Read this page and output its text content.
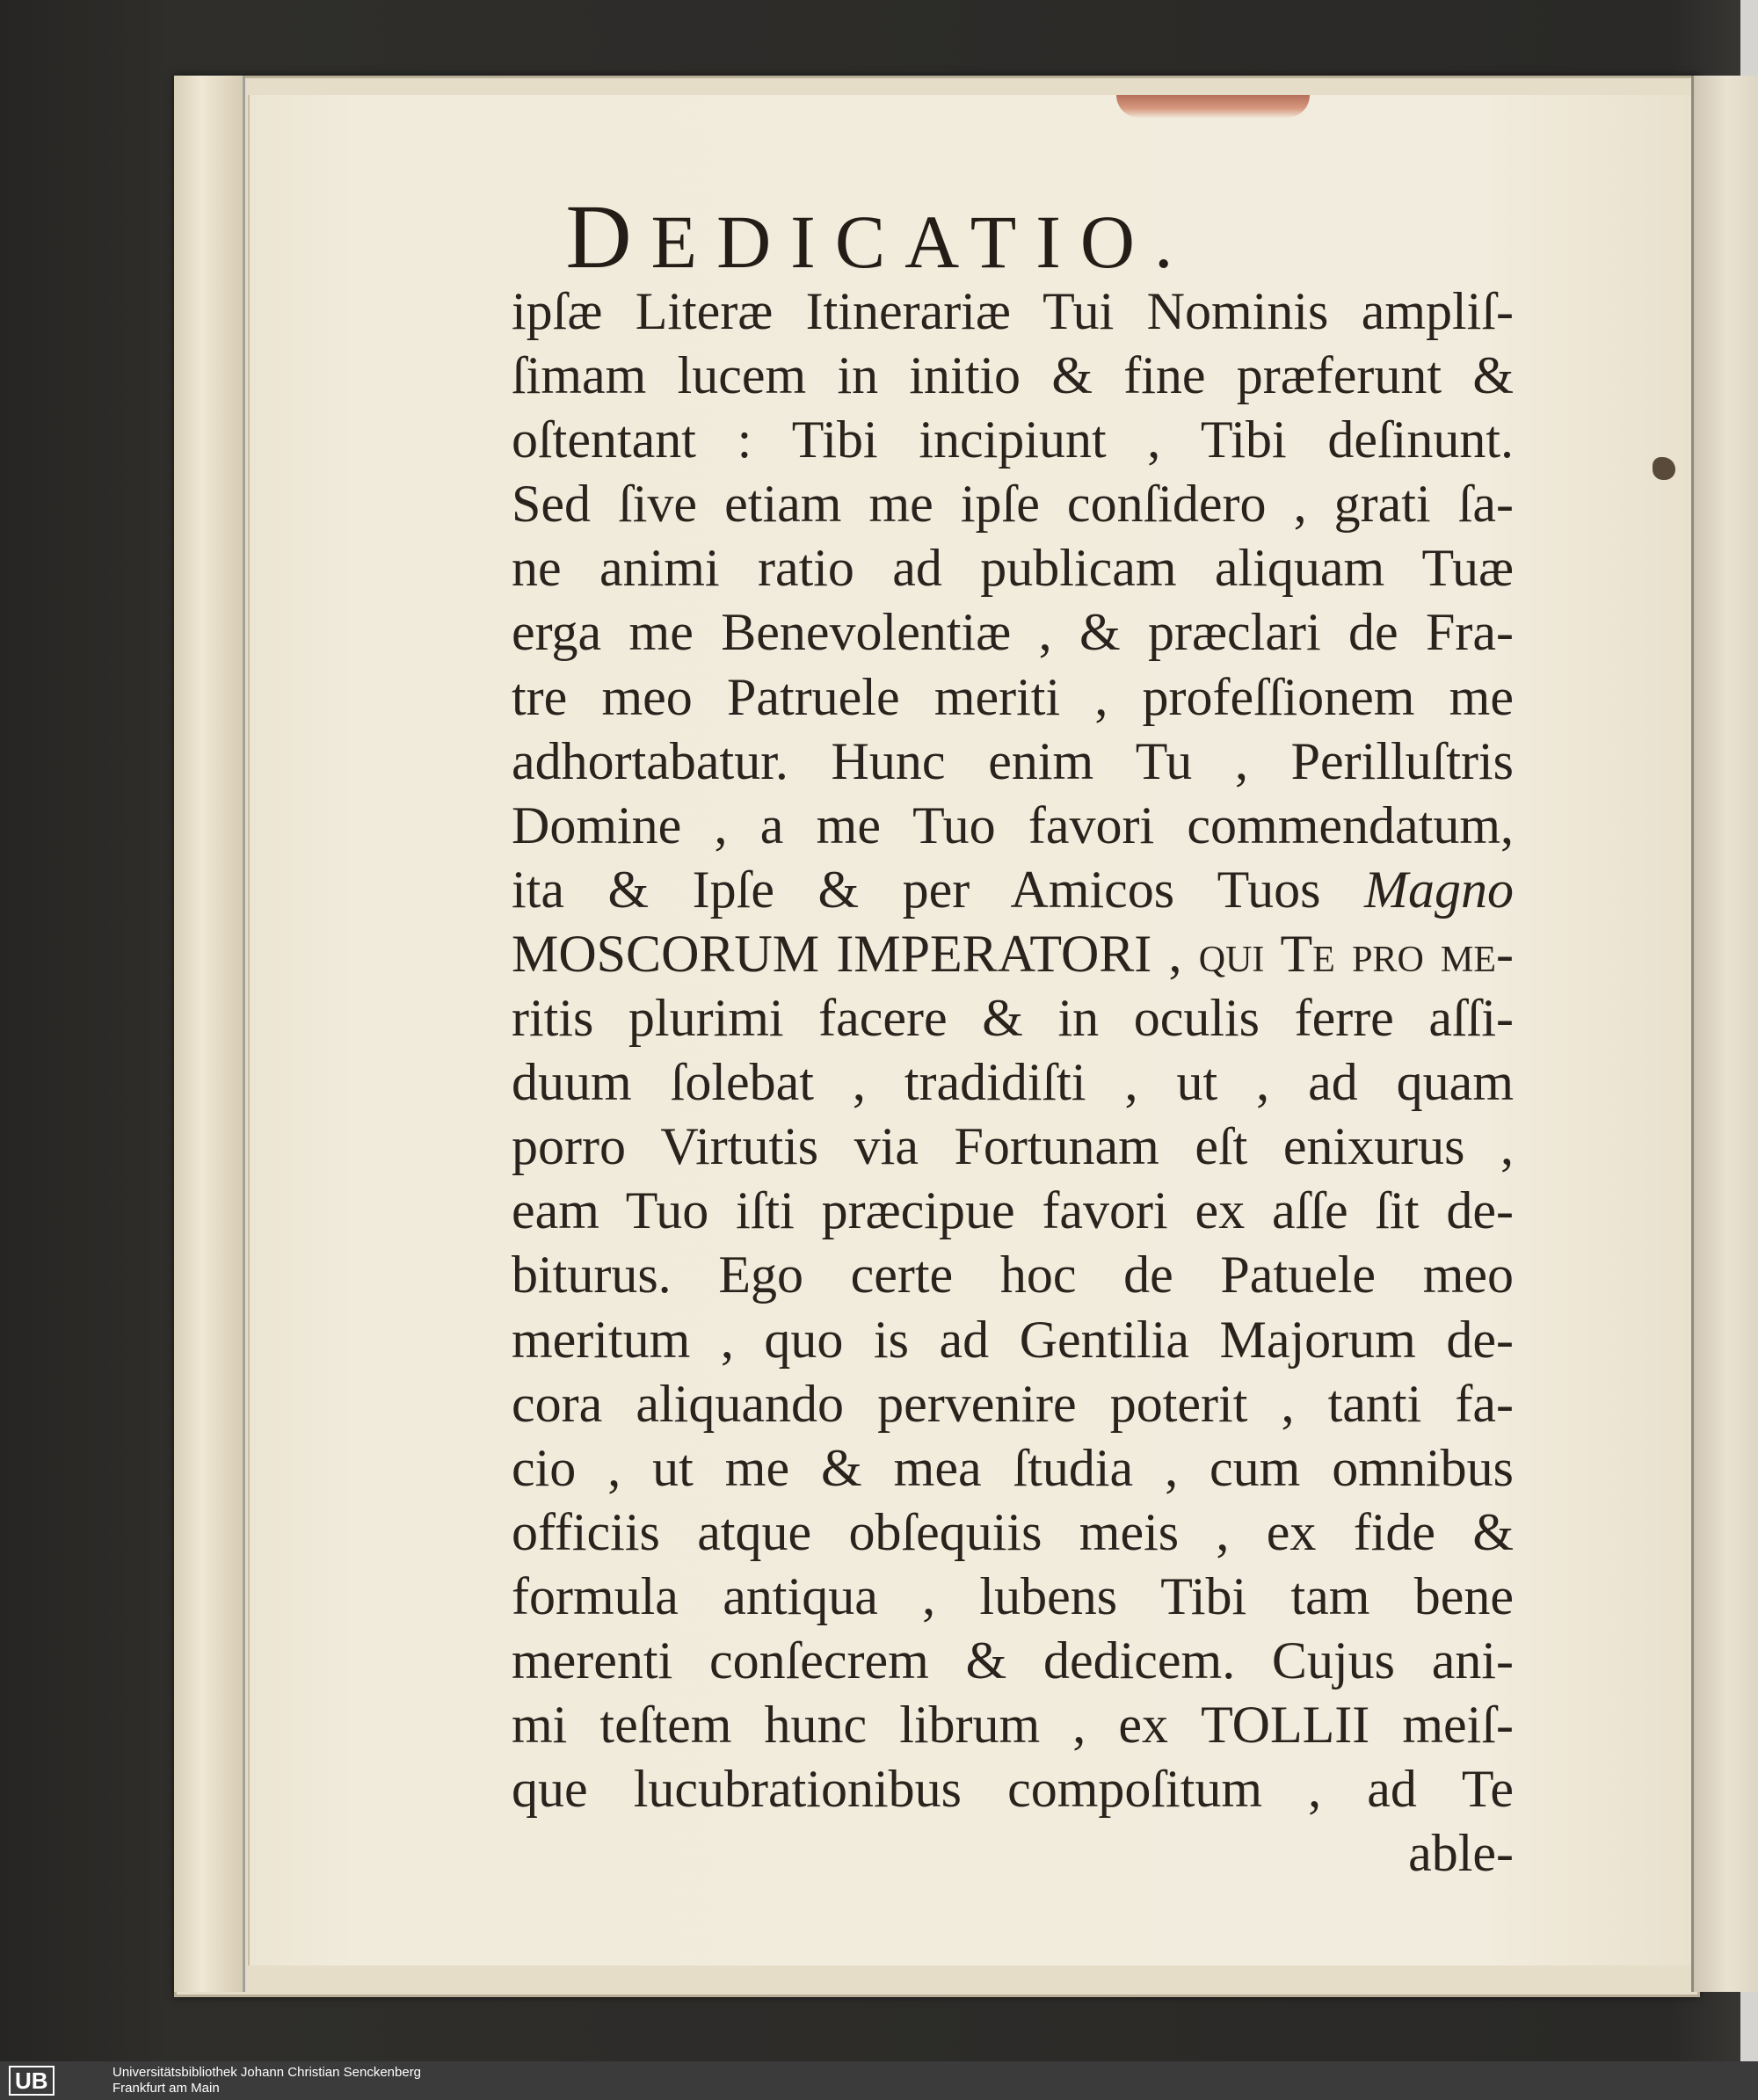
DEDICATIO.
ipſæ Literæ Itinerariæ Tui Nominis ampliſ-
ſimam lucem in initio & fine præferunt &
oſtentant : Tibi incipiunt , Tibi deſinunt.
Sed ſive etiam me ipſe conſidero , grati ſa-
ne animi ratio ad publicam aliquam Tuæ
erga me Benevolentiæ , & præclari de Fra-
tre meo Patruele meriti , profeſſionem me
adhortabatur. Hunc enim Tu , Perilluſtris
Domine , a me Tuo favori commendatum,
ita & Ipſe & per Amicos Tuos Magno
MOSCORUM IMPERATORI , qui Te pro me-
ritis plurimi facere & in oculis ferre aſſi-
duum ſolebat , tradidiſti , ut , ad quam
porro Virtutis via Fortunam eſt enixurus ,
eam Tuo iſti præcipue favori ex aſſe ſit de-
biturus. Ego certe hoc de Patuele meo
meritum , quo is ad Gentilia Majorum de-
cora aliquando pervenire poterit , tanti fa-
cio , ut me & mea ſtudia , cum omnibus
officiis atque obſequiis meis , ex fide &
formula antiqua , lubens Tibi tam bene
merenti conſecrem & dedicem. Cujus ani-
mi teſtem hunc librum , ex TOLLII meiſ-
que lucubrationibus compoſitum , ad Te
able-
UB	Universitätsbibliothek Johann Christian Senckenberg
Frankfurt am Main
